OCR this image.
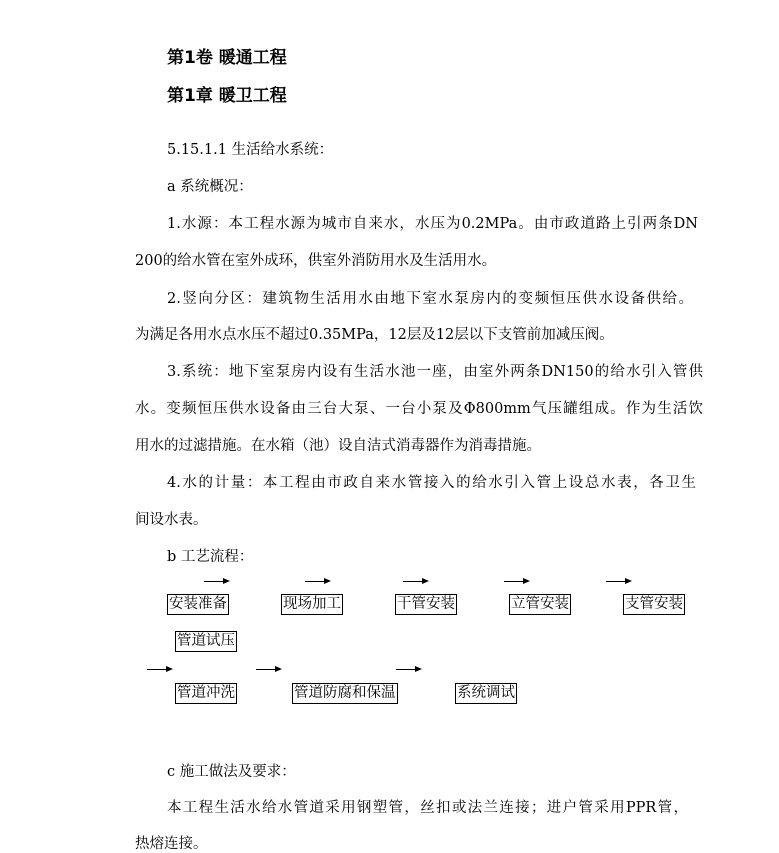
第1卷 暖通工程
第1章 暖卫工程
5.15.1.1 生活给水系统：
a 系统概况：
1.水源：本工程水源为城市自来水，水压为0.2MPa。由市政道路上引两条DN
200的给水管在室外成环，供室外消防用水及生活用水。
2.竖向分区：建筑物生活用水由地下室水泵房内的变频恒压供水设备供给。
为满足各用水点水压不超过0.35MPa，12层及12层以下支管前加减压阀。
3.系统：地下室泵房内设有生活水池一座，由室外两条DN150的给水引入管供
水。变频恒压供水设备由三台大泵、一台小泵及Φ800mm气压罐组成。作为生活饮
用水的过滤措施。在水箱（池）设自洁式消毒器作为消毒措施。
4.水的计量：本工程由市政自来水管接入的给水引入管上设总水表，各卫生
间设水表。
b 工艺流程：
安装准备	现场加工	干管安装	立管安装	支管安装
管道试压
管道冲洗	管道防腐和保温	系统调试
c 施工做法及要求：
本工程生活水给水管道采用钢塑管，丝扣或法兰连接；进户管采用PPR管，
热熔连接。
